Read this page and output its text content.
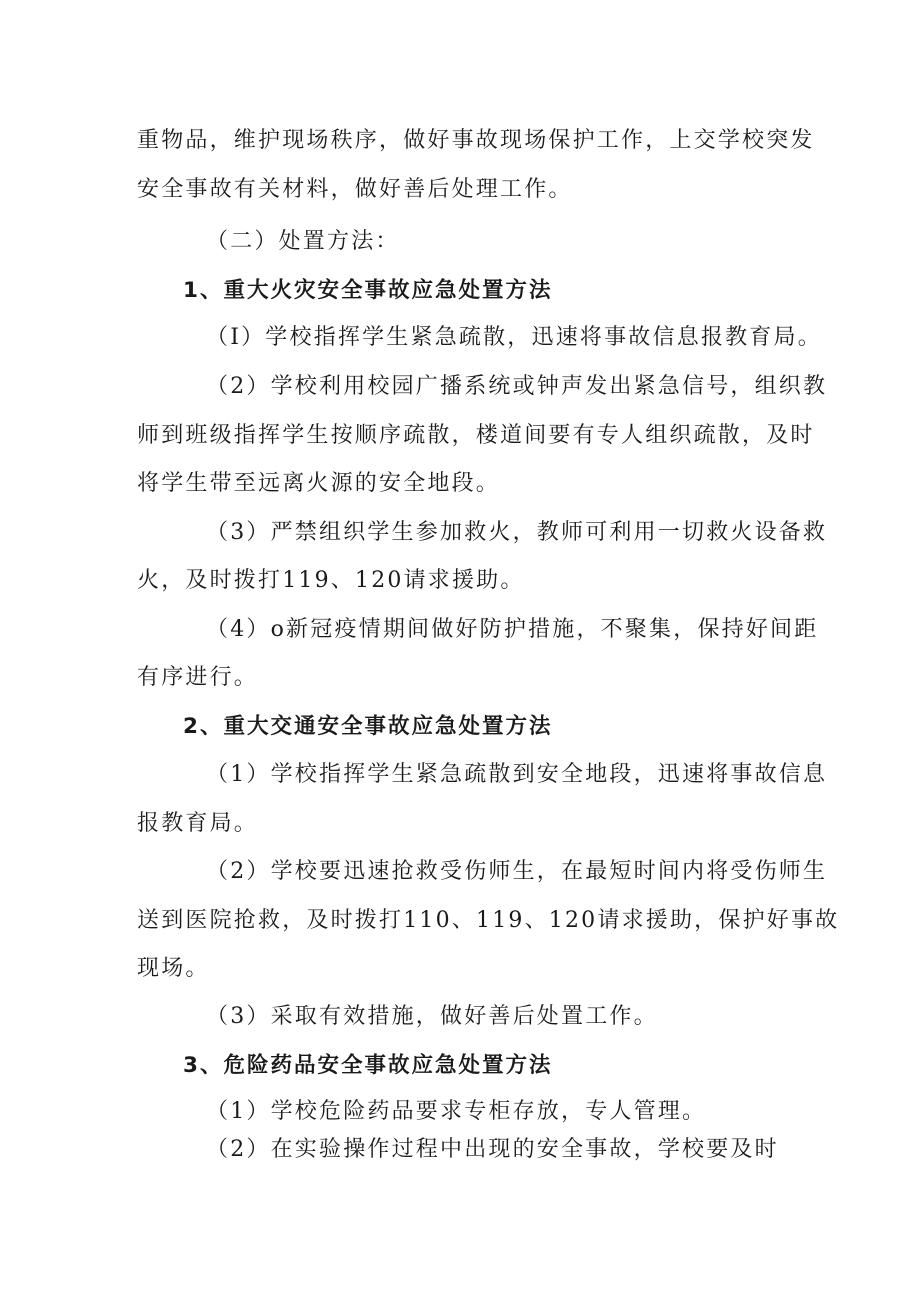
重物品，维护现场秩序，做好事故现场保护工作，上交学校突发
安全事故有关材料，做好善后处理工作。
（二）处置方法：
1、重大火灾安全事故应急处置方法
（I）学校指挥学生紧急疏散，迅速将事故信息报教育局。
（2）学校利用校园广播系统或钟声发出紧急信号，组织教
师到班级指挥学生按顺序疏散，楼道间要有专人组织疏散，及时
将学生带至远离火源的安全地段。
（3）严禁组织学生参加救火，教师可利用一切救火设备救
火，及时拨打119、120请求援助。
（4）o新冠疫情期间做好防护措施，不聚集，保持好间距
有序进行。
2、重大交通安全事故应急处置方法
（1）学校指挥学生紧急疏散到安全地段，迅速将事故信息
报教育局。
（2）学校要迅速抢救受伤师生，在最短时间内将受伤师生
送到医院抢救，及时拨打110、119、120请求援助，保护好事故
现场。
（3）采取有效措施，做好善后处置工作。
3、危险药品安全事故应急处置方法
（1）学校危险药品要求专柜存放，专人管理。
（2）在实验操作过程中出现的安全事故，学校要及时
